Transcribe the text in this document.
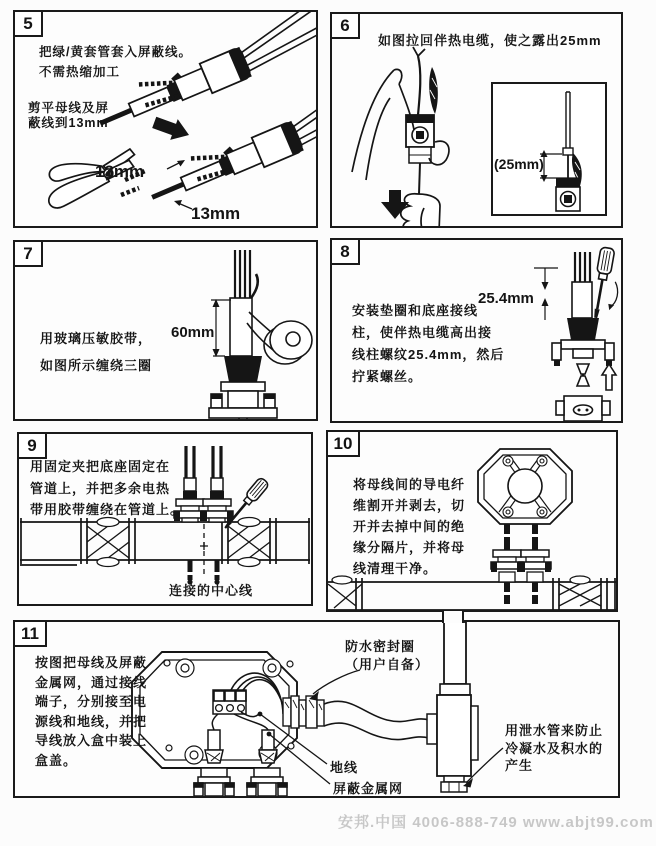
5
把绿/黄套管套入屏蔽线。
不需热缩加工
剪平母线及屏
蔽线到13mm
13mm
13mm
6
如图拉回伴热电缆，使之露出25mm
(25mm)
7
用玻璃压敏胶带，
如图所示缠绕三圈
60mm
8
安装垫圈和底座接线
柱，使伴热电缆高出接
线柱螺纹25.4mm，然后
拧紧螺丝。
25.4mm
9
用固定夹把底座固定在
管道上，并把多余电热
带用胶带缠绕在管道上。
连接的中心线
10
将母线间的导电纤
维割开并剥去，切
开并去掉中间的绝
缘分隔片，并将母
线清理干净。
11
按图把母线及屏蔽
金属网，通过接线
端子，分别接至电
源线和地线，并把
导线放入盒中装上
盒盖。
防水密封圈
（用户自备）
地线
屏蔽金属网
用泄水管来防止
冷凝水及积水的
产生
安邦.中国 4006-888-749 www.abjt99.com
